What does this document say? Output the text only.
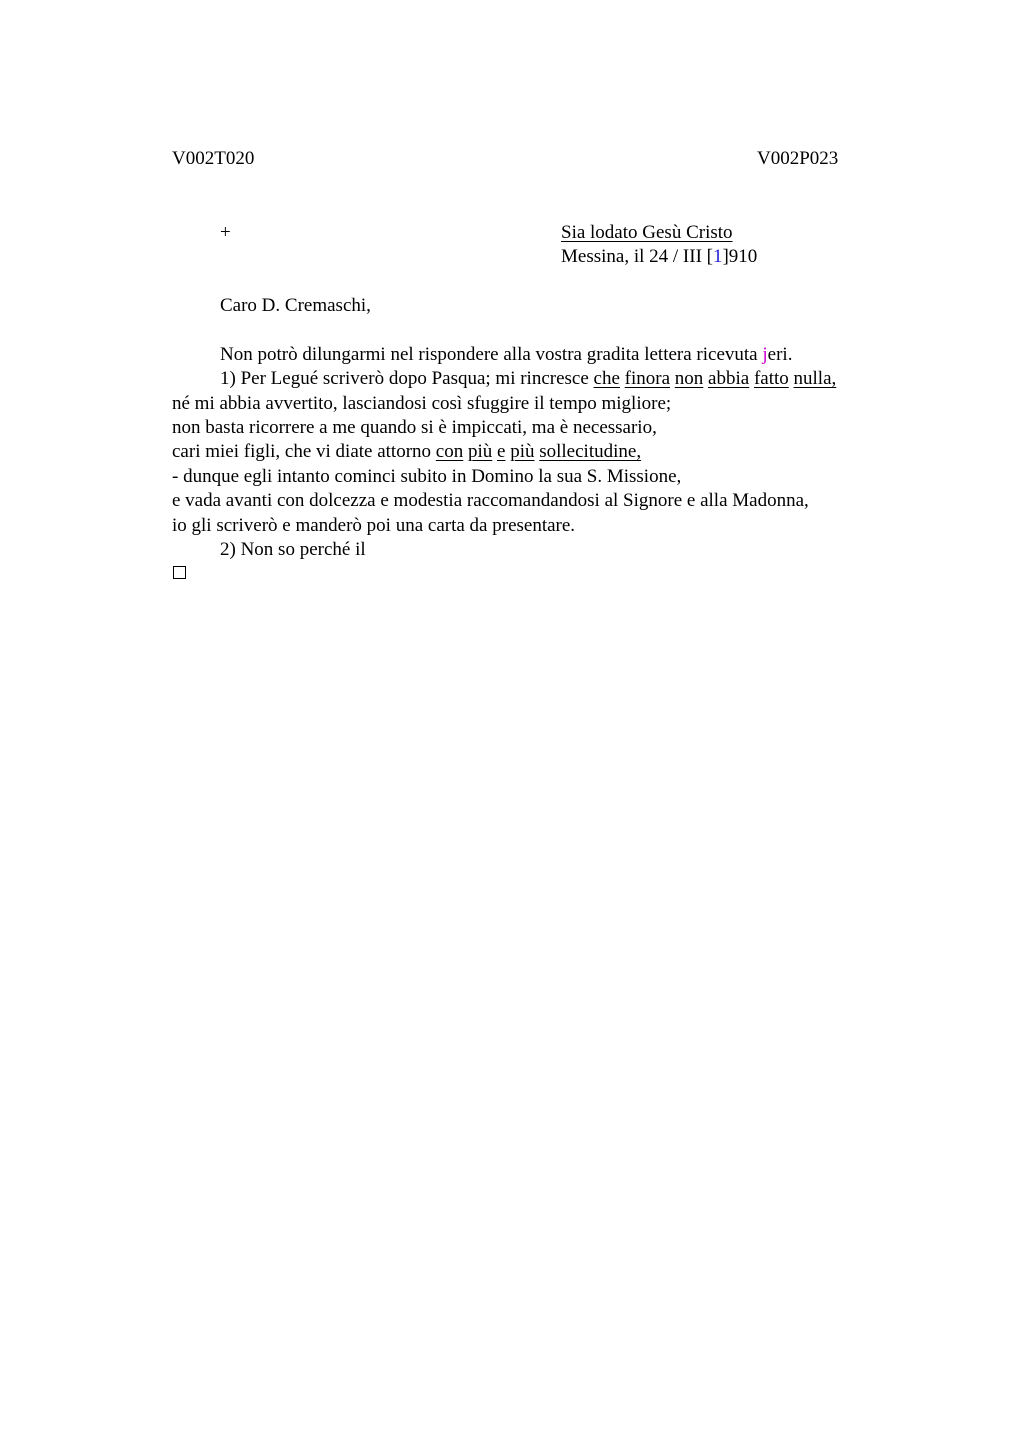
V002T020	V002P023
+	Sia lodato Gesù Cristo
Messina, il 24 / III [1]910
Caro D. Cremaschi,
Non potrò dilungarmi nel rispondere alla vostra gradita lettera ricevuta jeri.
1) Per Legué scriverò dopo Pasqua; mi rincresce che finora non abbia fatto nulla,
né mi abbia avvertito, lasciandosi così sfuggire il tempo migliore;
non basta ricorrere a me quando si è impiccati, ma è necessario,
cari miei figli, che vi diate attorno con più e più sollecitudine,
- dunque egli intanto cominci subito in Domino la sua S. Missione,
e vada avanti con dolcezza e modestia raccomandandosi al Signore e alla Madonna,
io gli scriverò e manderò poi una carta da presentare.
2) Non so perché il
